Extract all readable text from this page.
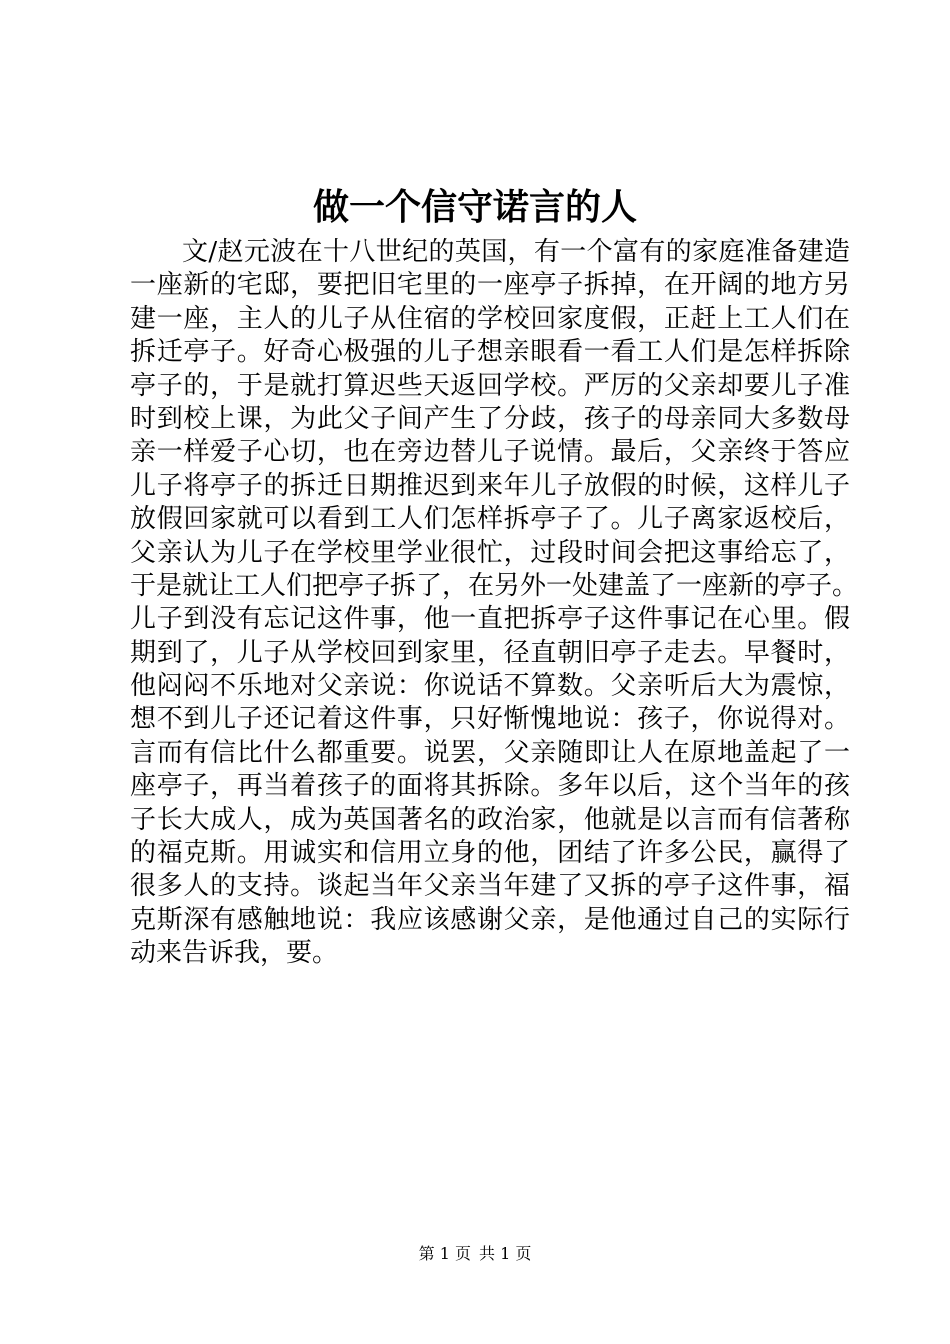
做一个信守诺言的人
文/赵元波在十八世纪的英国，有一个富有的家庭准备建造
一座新的宅邸，要把旧宅里的一座亭子拆掉，在开阔的地方另
建一座，主人的儿子从住宿的学校回家度假，正赶上工人们在
拆迁亭子。好奇心极强的儿子想亲眼看一看工人们是怎样拆除
亭子的，于是就打算迟些天返回学校。严厉的父亲却要儿子准
时到校上课，为此父子间产生了分歧，孩子的母亲同大多数母
亲一样爱子心切，也在旁边替儿子说情。最后，父亲终于答应
儿子将亭子的拆迁日期推迟到来年儿子放假的时候，这样儿子
放假回家就可以看到工人们怎样拆亭子了。儿子离家返校后，
父亲认为儿子在学校里学业很忙，过段时间会把这事给忘了，
于是就让工人们把亭子拆了，在另外一处建盖了一座新的亭子。
儿子到没有忘记这件事，他一直把拆亭子这件事记在心里。假
期到了，儿子从学校回到家里，径直朝旧亭子走去。早餐时，
他闷闷不乐地对父亲说：你说话不算数。父亲听后大为震惊，
想不到儿子还记着这件事，只好惭愧地说：孩子，你说得对。
言而有信比什么都重要。说罢，父亲随即让人在原地盖起了一
座亭子，再当着孩子的面将其拆除。多年以后，这个当年的孩
子长大成人，成为英国著名的政治家，他就是以言而有信著称
的福克斯。用诚实和信用立身的他，团结了许多公民，赢得了
很多人的支持。谈起当年父亲当年建了又拆的亭子这件事，福
克斯深有感触地说：我应该感谢父亲，是他通过自己的实际行
动来告诉我，要。
第 1 页 共 1 页
